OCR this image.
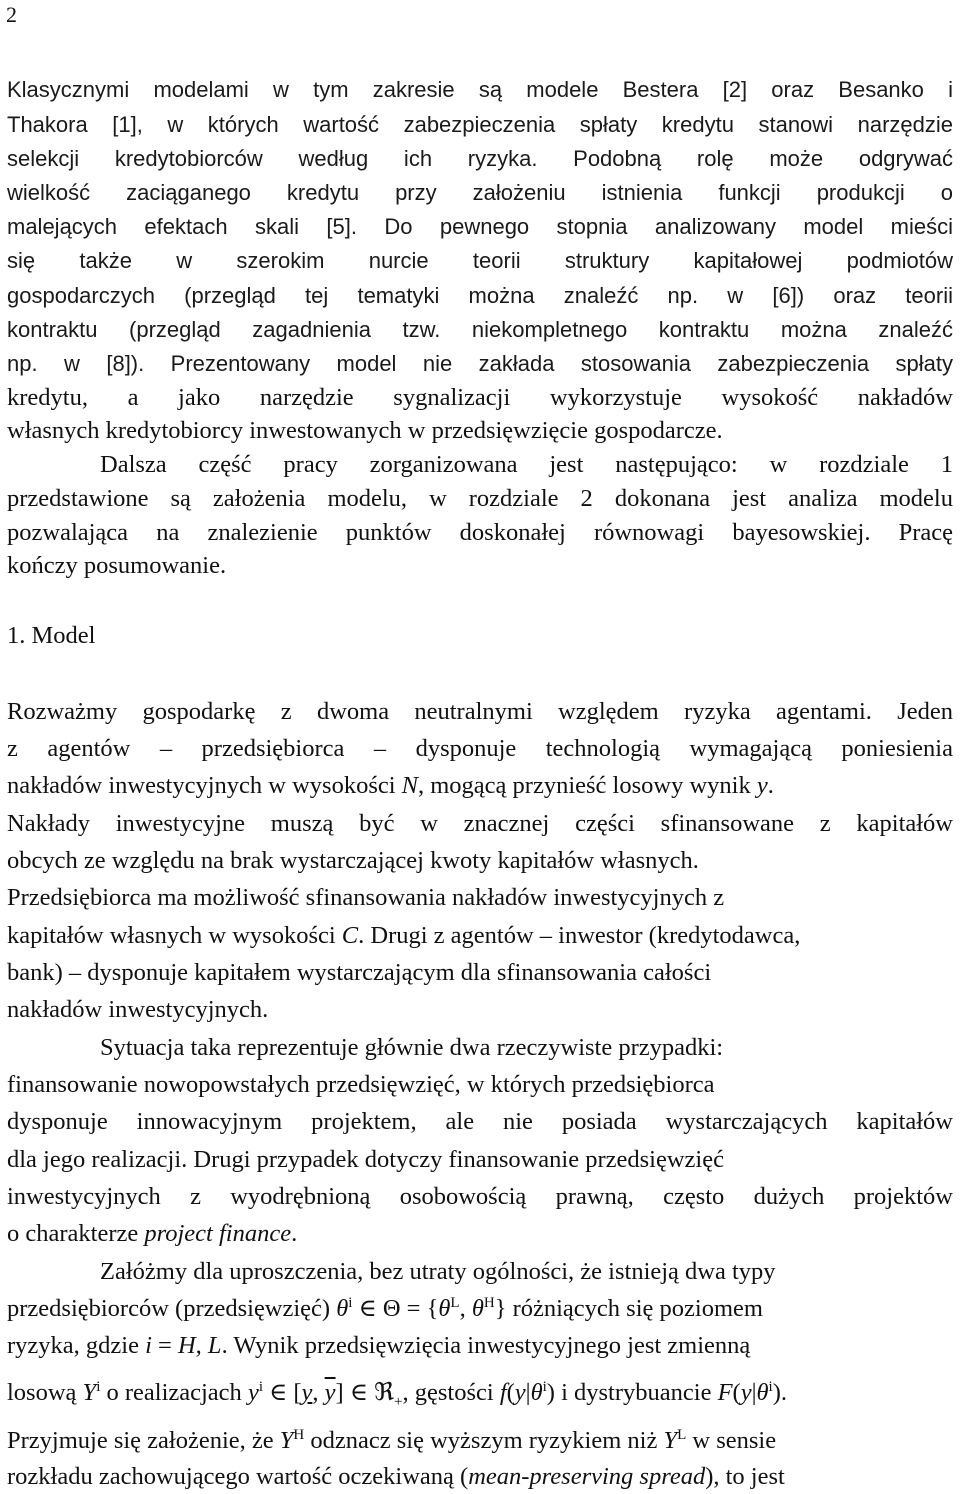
2
Klasycznymi modelami w tym zakresie są modele Bestera [2] oraz Besanko i
Thakora [1], w których wartość zabezpieczenia spłaty kredytu stanowi narzędzie
selekcji kredytobiorców według ich ryzyka. Podobną rolę może odgrywać
wielkość zaciąganego kredytu przy założeniu istnienia funkcji produkcji o
malejących efektach skali [5]. Do pewnego stopnia analizowany model mieści
się także w szerokim nurcie teorii struktury kapitałowej podmiotów
gospodarczych (przegląd tej tematyki można znaleźć np. w [6]) oraz teorii
kontraktu (przegląd zagadnienia tzw. niekompletnego kontraktu można znaleźć
np. w [8]). Prezentowany model nie zakłada stosowania zabezpieczenia spłaty
kredytu, a jako narzędzie sygnalizacji wykorzystuje wysokość nakładów
własnych kredytobiorcy inwestowanych w przedsięwzięcie gospodarcze.
Dalsza część pracy zorganizowana jest następująco: w rozdziale 1
przedstawione są założenia modelu, w rozdziale 2 dokonana jest analiza modelu
pozwalająca na znalezienie punktów doskonałej równowagi bayesowskiej. Pracę
kończy posumowanie.
1. Model
Rozważmy gospodarkę z dwoma neutralnymi względem ryzyka agentami. Jeden
z agentów – przedsiębiorca – dysponuje technologią wymagającą poniesienia
nakładów inwestycyjnych w wysokości N, mogącą przynieść losowy wynik y.
Nakłady inwestycyjne muszą być w znacznej części sfinansowane z kapitałów
obcych ze względu na brak wystarczającej kwoty kapitałów własnych.
Przedsiębiorca ma możliwość sfinansowania nakładów inwestycyjnych z
kapitałów własnych w wysokości C. Drugi z agentów – inwestor (kredytodawca,
bank) – dysponuje kapitałem wystarczającym dla sfinansowania całości
nakładów inwestycyjnych.
Sytuacja taka reprezentuje głównie dwa rzeczywiste przypadki:
finansowanie nowopowstałych przedsięwzięć, w których przedsiębiorca
dysponuje innowacyjnym projektem, ale nie posiada wystarczających kapitałów
dla jego realizacji. Drugi przypadek dotyczy finansowanie przedsięwzięć
inwestycyjnych z wyodrębnioną osobowością prawną, często dużych projektów
o charakterze project finance.
Załóżmy dla uproszczenia, bez utraty ogólności, że istnieją dwa typy
przedsiębiorców (przedsięwzięć) $\theta^i$ ∈ $\Theta = \{\theta^L$, $\theta^H$} różniących się poziomem
ryzyka, gdzie i = H, L. Wynik przedsięwzięcia inwestycyjnego jest zmienną
losową $Y^i$ o realizacjach $y^i$ ∈ [y, $\overline{y}$] ∈ ℜ$_+$, gęstości $f(y|\theta^i)$ i dystrybuancie $F(y|\theta^i)$.
Przyjmuje się założenie, że $Y^H$ odznacz się wyższym ryzykiem niż $Y^L$ w sensie
rozkładu zachowującego wartość oczekiwaną (mean-preserving spread), to jest
